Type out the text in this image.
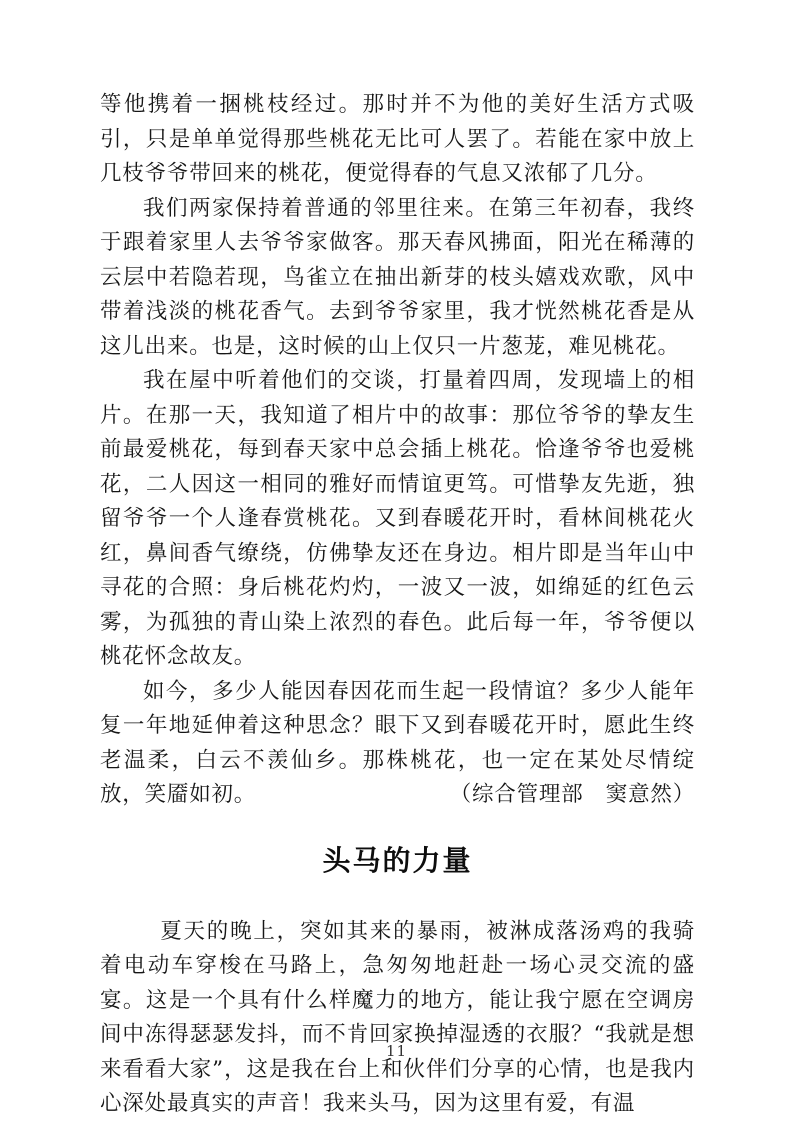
等他携着一捆桃枝经过。那时并不为他的美好生活方式吸引，只是单单觉得那些桃花无比可人罢了。若能在家中放上几枝爷爷带回来的桃花，便觉得春的气息又浓郁了几分。

我们两家保持着普通的邻里往来。在第三年初春，我终于跟着家里人去爷爷家做客。那天春风拂面，阳光在稀薄的云层中若隐若现，鸟雀立在抽出新芽的枝头嬉戏欢歌，风中带着浅淡的桃花香气。去到爷爷家里，我才恍然桃花香是从这儿出来。也是，这时候的山上仅只一片葱茏，难见桃花。

我在屋中听着他们的交谈，打量着四周，发现墙上的相片。在那一天，我知道了相片中的故事：那位爷爷的挚友生前最爱桃花，每到春天家中总会插上桃花。恰逢爷爷也爱桃花，二人因这一相同的雅好而情谊更笃。可惜挚友先逝，独留爷爷一个人逢春赏桃花。又到春暖花开时，看林间桃花火红，鼻间香气缭绕，仿佛挚友还在身边。相片即是当年山中寻花的合照：身后桃花灼灼，一波又一波，如绵延的红色云雾，为孤独的青山染上浓烈的春色。此后每一年，爷爷便以桃花怀念故友。

如今，多少人能因春因花而生起一段情谊？多少人能年复一年地延伸着这种思念？眼下又到春暖花开时，愿此生终老温柔，白云不羡仙乡。那株桃花，也一定在某处尽情绽放，笑靥如初。	（综合管理部　窦意然）

头马的力量

夏天的晚上，突如其来的暴雨，被淋成落汤鸡的我骑着电动车穿梭在马路上，急匆匆地赶赴一场心灵交流的盛宴。这是一个具有什么样魔力的地方，能让我宁愿在空调房间中冻得瑟瑟发抖，而不肯回家换掉湿透的衣服？“我就是想来看看大家”，这是我在台上和伙伴们分享的心情，也是我内心深处最真实的声音！我来头马，因为这里有爱，有温

11
